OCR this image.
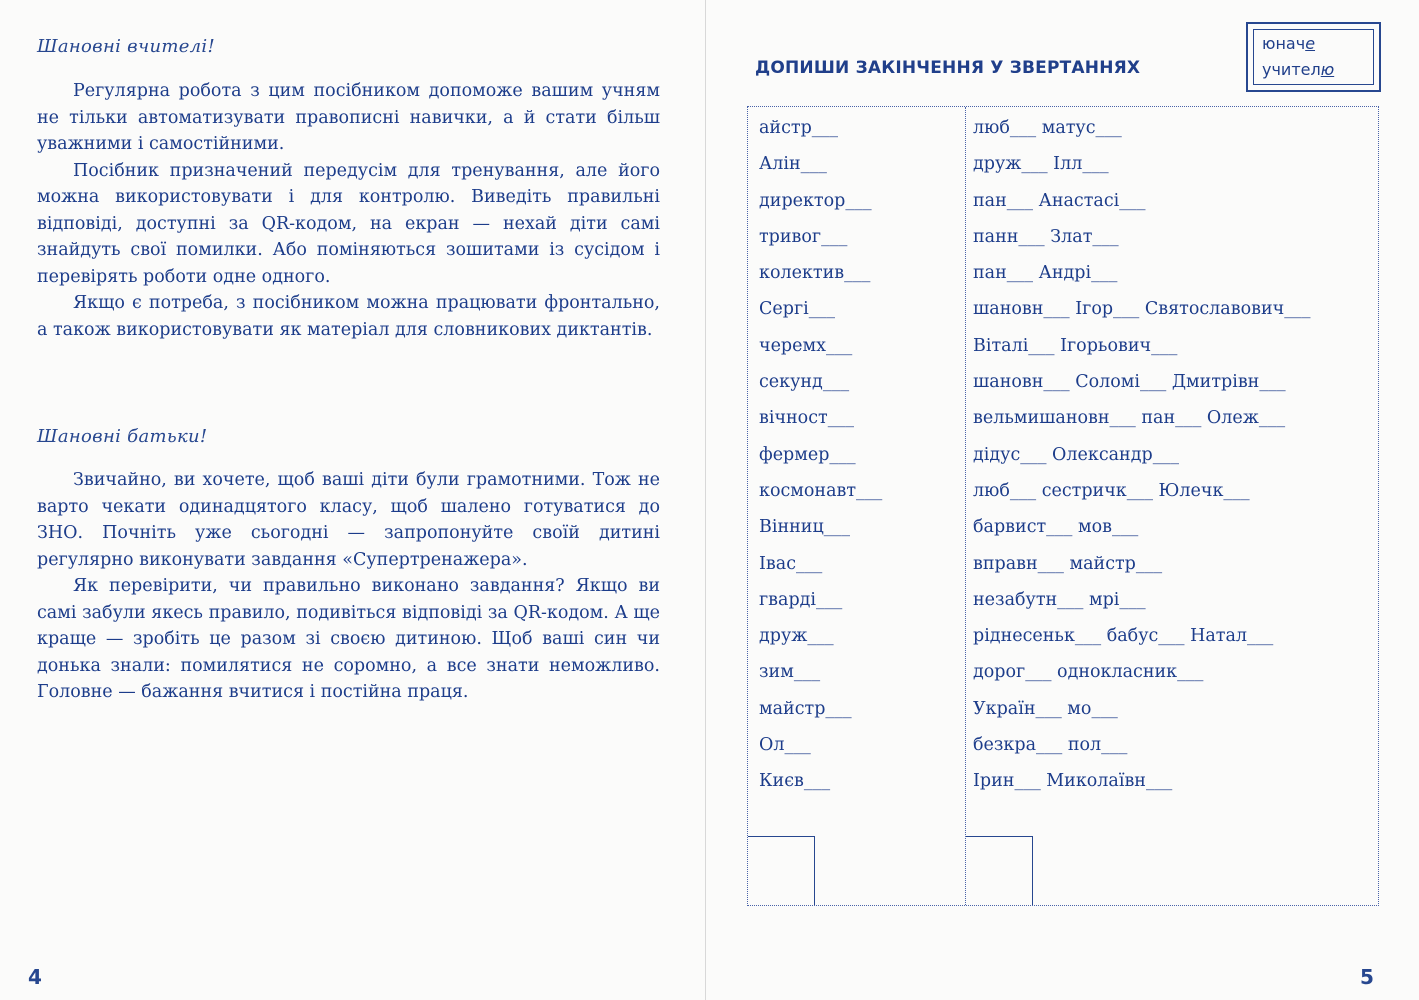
Шановні вчителі!

Регулярна робота з цим посібником допоможе вашим учням не тільки автоматизувати правописні навички, а й стати більш уважними і самостійними.

Посібник призначений передусім для тренування, але його можна використовувати і для контролю. Виведіть правильні відповіді, доступні за QR-кодом, на екран — нехай діти самі знайдуть свої помилки. Або поміняються зошитами із сусідом і перевірять роботи одне одного.

Якщо є потреба, з посібником можна працювати фронтально, а також використовувати як матеріал для словникових диктантів.

Шановні батьки!

Звичайно, ви хочете, щоб ваші діти були грамотними. Тож не варто чекати одинадцятого класу, щоб шалено готуватися до ЗНО. Почніть уже сьогодні — запропонуйте своїй дитині регулярно виконувати завдання «Супертренажера».

Як перевірити, чи правильно виконано завдання? Якщо ви самі забули якесь правило, подивіться відповіді за QR-кодом. А ще краще — зробіть це разом зі своєю дитиною. Щоб ваші син чи донька знали: помилятися не соромно, а все знати неможливо. Головне — бажання вчитися і постійна праця.

4
ДОПИШИ ЗАКІНЧЕННЯ У ЗВЕРТАННЯХ
юначе
учителю
айстр___
Алін___
директор___
тривог___
колектив___
Сергі___
черемх___
секунд___
вічност___
фермер___
космонавт___
Вінниц___
Івас___
гварді___
друж___
зим___
майстр___
Ол___
Києв___
люб___ матус___
друж___ Ілл___
пан___ Анастасі___
панн___ Злат___
пан___ Андрі___
шановн___ Ігор___ Святославович___
Віталі___ Ігорьович___
шановн___ Соломі___ Дмитрівн___
вельмишановн___ пан___ Олеж___
дідус___ Олександр___
люб___ сестричк___ Юлечк___
барвист___ мов___
вправн___ майстр___
незабутн___ мрі___
ріднесеньк___ бабус___ Натал___
дорог___ однокласник___
Україн___ мо___
безкра___ пол___
Ірин___ Миколаївн___
5
